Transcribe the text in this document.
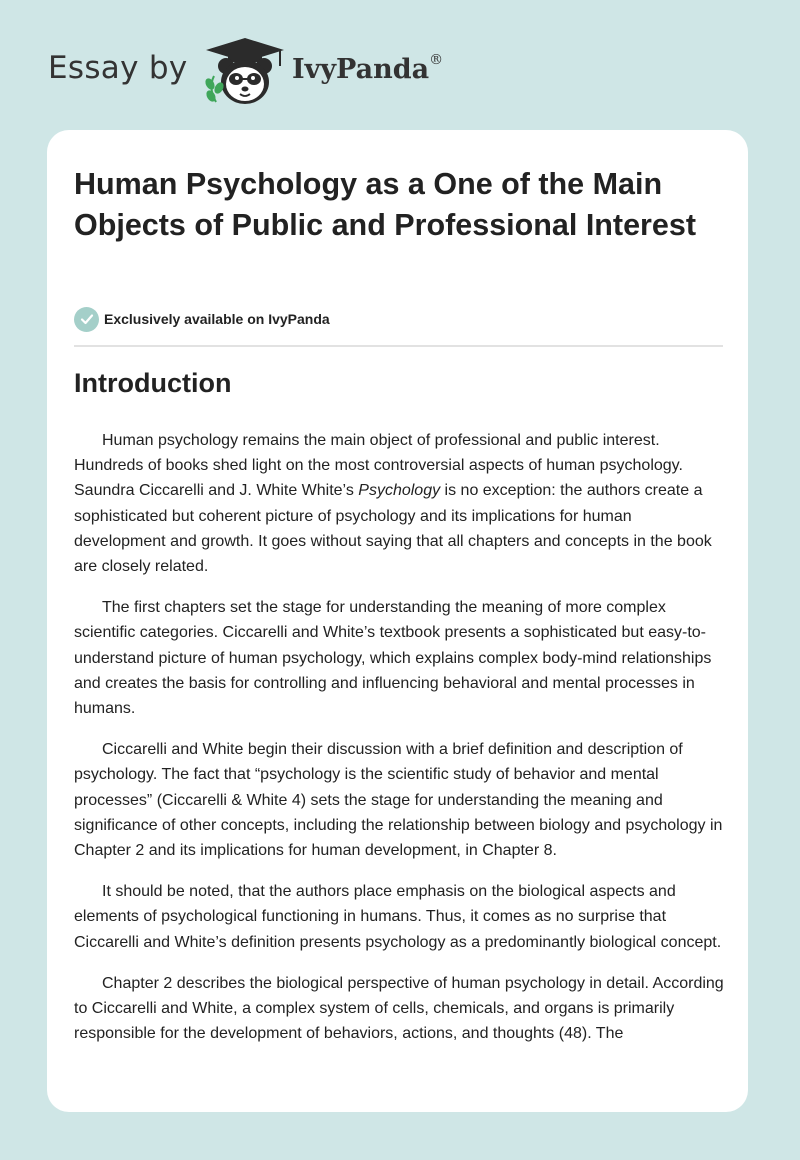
Essay by	IvyPanda®
Human Psychology as a One of the Main Objects of Public and Professional Interest
Exclusively available on IvyPanda
Introduction

Human psychology remains the main object of professional and public interest. Hundreds of books shed light on the most controversial aspects of human psychology. Saundra Ciccarelli and J. White White’s Psychology is no exception: the authors create a sophisticated but coherent picture of psychology and its implications for human development and growth. It goes without saying that all chapters and concepts in the book are closely related.

The first chapters set the stage for understanding the meaning of more complex scientific categories. Ciccarelli and White’s textbook presents a sophisticated but easy-to-understand picture of human psychology, which explains complex body-mind relationships and creates the basis for controlling and influencing behavioral and mental processes in humans.

Ciccarelli and White begin their discussion with a brief definition and description of psychology. The fact that “psychology is the scientific study of behavior and mental processes” (Ciccarelli & White 4) sets the stage for understanding the meaning and significance of other concepts, including the relationship between biology and psychology in Chapter 2 and its implications for human development, in Chapter 8.

It should be noted, that the authors place emphasis on the biological aspects and elements of psychological functioning in humans. Thus, it comes as no surprise that Ciccarelli and White’s definition presents psychology as a predominantly biological concept.

Chapter 2 describes the biological perspective of human psychology in detail. According to Ciccarelli and White, a complex system of cells, chemicals, and organs is primarily responsible for the development of behaviors, actions, and thoughts (48). The
